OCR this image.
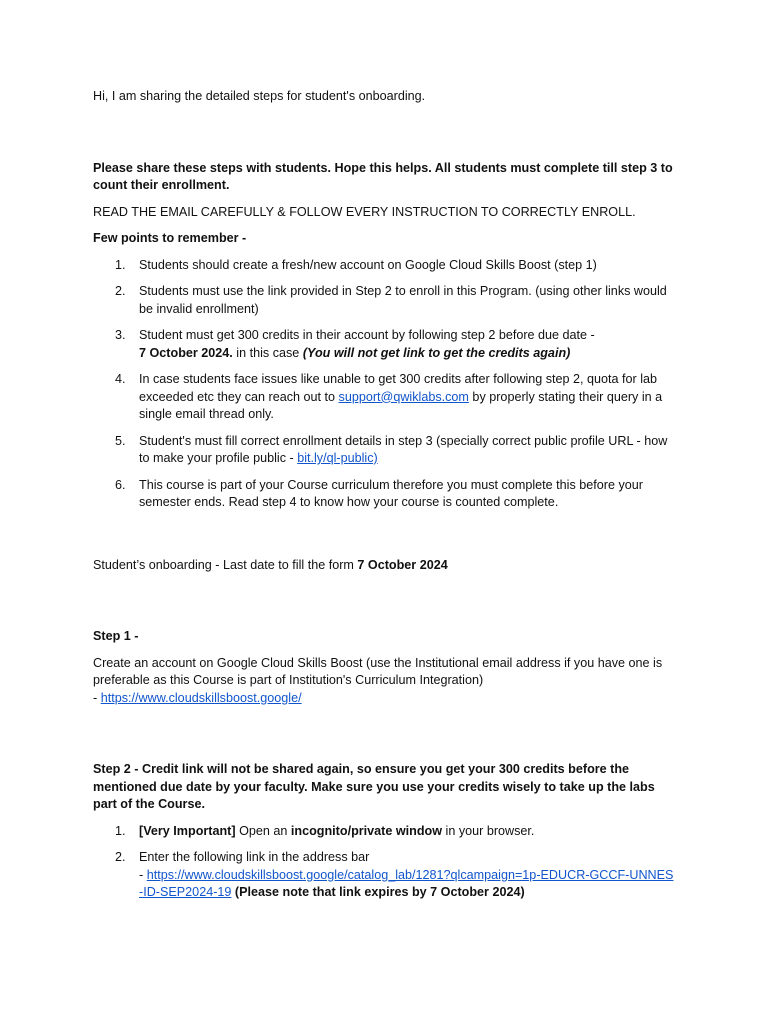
Hi, I am sharing the detailed steps for student's onboarding.

Please share these steps with students. Hope this helps. All students must complete till step 3 to count their enrollment.

READ THE EMAIL CAREFULLY & FOLLOW EVERY INSTRUCTION TO CORRECTLY ENROLL.

Few points to remember -

1. Students should create a fresh/new account on Google Cloud Skills Boost (step 1)
2. Students must use the link provided in Step 2 to enroll in this Program. (using other links would be invalid enrollment)
3. Student must get 300 credits in their account by following step 2 before due date -
7 October 2024. in this case (You will not get link to get the credits again)
4. In case students face issues like unable to get 300 credits after following step 2, quota for lab exceeded etc they can reach out to support@qwiklabs.com by properly stating their query in a single email thread only.
5. Student's must fill correct enrollment details in step 3 (specially correct public profile URL - how to make your profile public - bit.ly/ql-public)
6. This course is part of your Course curriculum therefore you must complete this before your semester ends. Read step 4 to know how your course is counted complete.

Student’s onboarding - Last date to fill the form 7 October 2024

Step 1 -

Create an account on Google Cloud Skills Boost (use the Institutional email address if you have one is preferable as this Course is part of Institution's Curriculum Integration)
- https://www.cloudskillsboost.google/

Step 2 - Credit link will not be shared again, so ensure you get your 300 credits before the mentioned due date by your faculty. Make sure you use your credits wisely to take up the labs part of the Course.

1. [Very Important] Open an incognito/private window in your browser.
2. Enter the following link in the address bar
- https://www.cloudskillsboost.google/catalog_lab/1281?qlcampaign=1p-EDUCR-GCCF-UNNES-ID-SEP2024-19 (Please note that link expires by 7 October 2024)
